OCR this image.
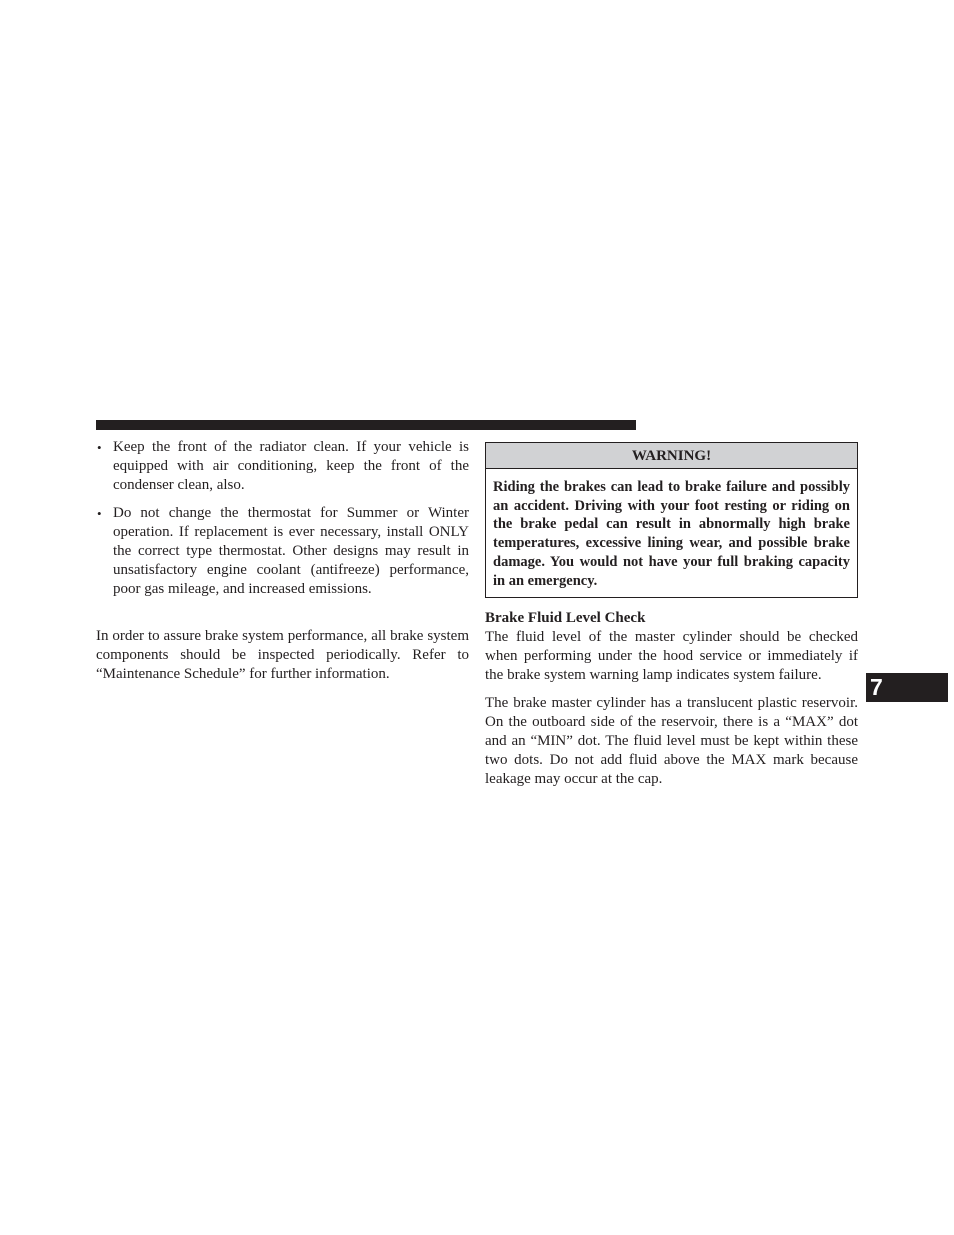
• Keep the front of the radiator clean. If your vehicle is equipped with air conditioning, keep the front of the condenser clean, also.
• Do not change the thermostat for Summer or Winter operation. If replacement is ever necessary, install ONLY the correct type thermostat. Other designs may result in unsatisfactory engine coolant (antifreeze) performance, poor gas mileage, and increased emissions.

In order to assure brake system performance, all brake system components should be inspected periodically. Refer to “Maintenance Schedule” for further information.

WARNING!
Riding the brakes can lead to brake failure and possibly an accident. Driving with your foot resting or riding on the brake pedal can result in abnormally high brake temperatures, excessive lining wear, and possible brake damage. You would not have your full braking capacity in an emergency.
Brake Fluid Level Check

The fluid level of the master cylinder should be checked when performing under the hood service or immediately if the brake system warning lamp indicates system failure.

The brake master cylinder has a translucent plastic reservoir. On the outboard side of the reservoir, there is a “MAX” dot and an “MIN” dot. The fluid level must be kept within these two dots. Do not add fluid above the MAX mark because leakage may occur at the cap.

7
